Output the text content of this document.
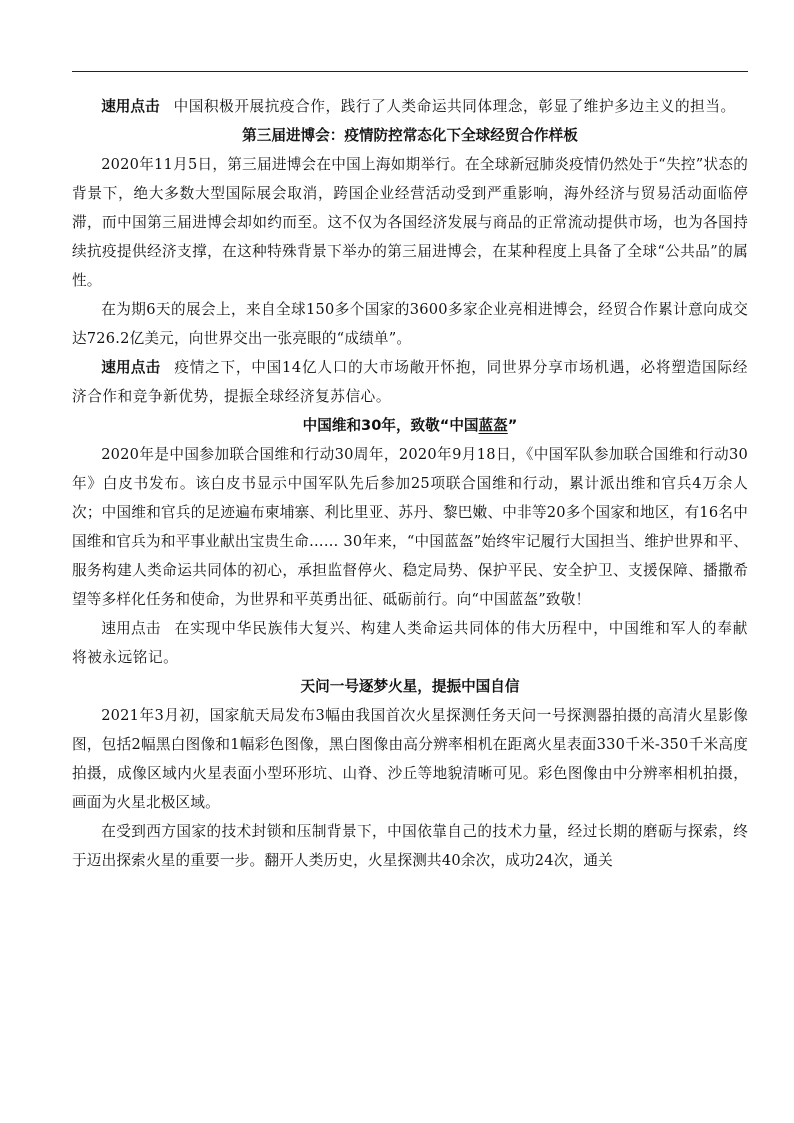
速用点击 中国积极开展抗疫合作，践行了人类命运共同体理念，彰显了维护多边主义的担当。

第三届进博会：疫情防控常态化下全球经贸合作样板

2020年11月5日，第三届进博会在中国上海如期举行。在全球新冠肺炎疫情仍然处于“失控”状态的背景下，绝大多数大型国际展会取消，跨国企业经营活动受到严重影响，海外经济与贸易活动面临停滞，而中国第三届进博会却如约而至。这不仅为各国经济发展与商品的正常流动提供市场，也为各国持续抗疫提供经济支撑，在这种特殊背景下举办的第三届进博会，在某种程度上具备了全球“公共品”的属性。

在为期6天的展会上，来自全球150多个国家的3600多家企业亮相进博会，经贸合作累计意向成交达726.2亿美元，向世界交出一张亮眼的“成绩单”。

速用点击 疫情之下，中国14亿人口的大市场敞开怀抱，同世界分享市场机遇，必将塑造国际经济合作和竞争新优势，提振全球经济复苏信心。

中国维和30年，致敬“中国蓝盔”

2020年是中国参加联合国维和行动30周年，2020年9月18日，《中国军队参加联合国维和行动30年》白皮书发布。该白皮书显示中国军队先后参加25项联合国维和行动，累计派出维和官兵4万余人次；中国维和官兵的足迹遍布柬埔寨、利比里亚、苏丹、黎巴嫩、中非等20多个国家和地区，有16名中国维和官兵为和平事业献出宝贵生命…… 30年来，“中国蓝盔”始终牢记履行大国担当、维护世界和平、服务构建人类命运共同体的初心，承担监督停火、稳定局势、保护平民、安全护卫、支援保障、播撒希望等多样化任务和使命，为世界和平英勇出征、砥砺前行。向“中国蓝盔”致敬！

速用点击 在实现中华民族伟大复兴、构建人类命运共同体的伟大历程中，中国维和军人的奉献将被永远铭记。

天问一号逐梦火星，提振中国自信

2021年3月初，国家航天局发布3幅由我国首次火星探测任务天问一号探测器拍摄的高清火星影像图，包括2幅黑白图像和1幅彩色图像，黑白图像由高分辨率相机在距离火星表面330千米-350千米高度拍摄，成像区域内火星表面小型环形坑、山脊、沙丘等地貌清晰可见。彩色图像由中分辨率相机拍摄，画面为火星北极区域。

在受到西方国家的技术封锁和压制背景下，中国依靠自己的技术力量，经过长期的磨砺与探索，终于迈出探索火星的重要一步。翻开人类历史，火星探测共40余次，成功24次，通关
